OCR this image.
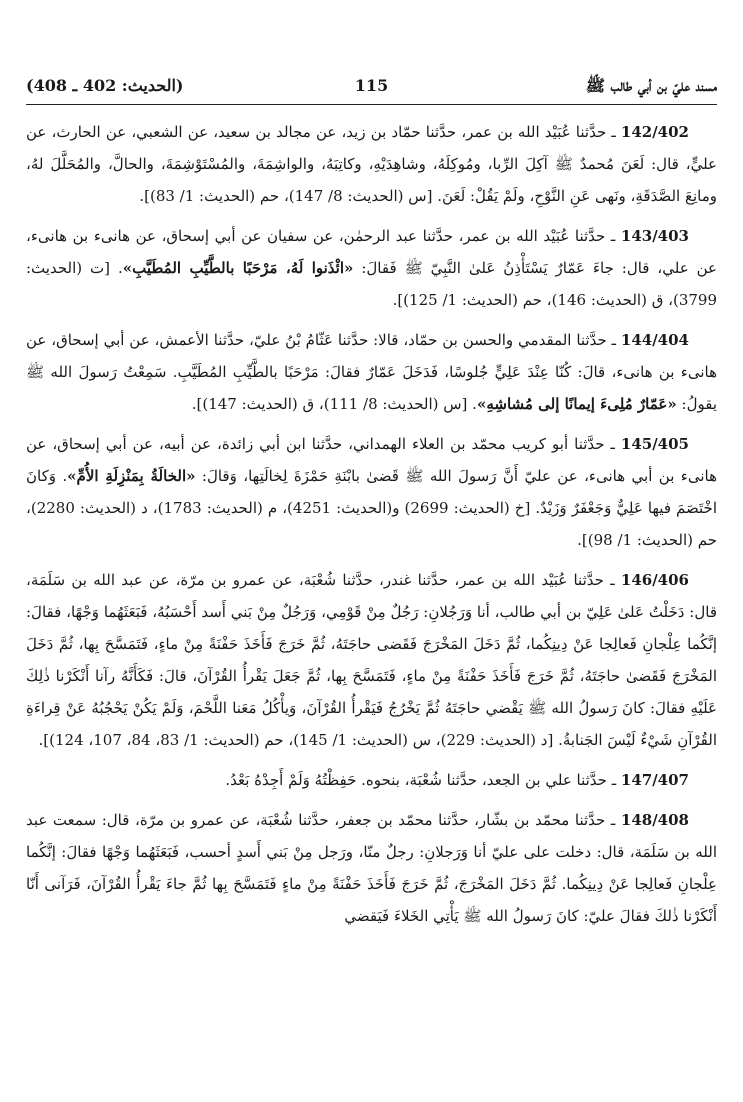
مسند عليّ بن أبي طالب ﷺ
115
(الحديث: 402 ـ 408)

142/402 ـ حدَّثنا عُبَيْد الله بن عمر، حدَّثنا حمّاد بن زيد، عن مجالد بن سعيد، عن الشعبي، عن الحارث، عن عليٍّ، قال: لَعَنَ مُحمدٌ ﷺ آكِلَ الرِّبا، ومُوكِلَهُ، وشاهِدَيْهِ، وكاتِبَهُ، والواشِمَةَ، والمُسْتَوْشِمَةَ، والحالَّ، والمُحَلَّلَ لهُ، ومانِعَ الصَّدَقَةِ، ونَهى عَنِ النَّوْحِ، ولَمْ يَقُلْ: لَعَنَ. [س (الحديث: 8/ 147)، حم (الحديث: 1/ 83)].

143/403 ـ حدَّثنا عُبَيْد الله بن عمر، حدَّثنا عبد الرحمٰن، عن سفيان عن أبي إسحاق، عن هانىء بن هانىء، عن علي، قال: جاءَ عَمّارٌ يَسْتَأْذِنُ عَلىٰ النَّبِيّ ﷺ فَقالَ: «ائْذَنوا لَهُ، مَرْحَبًا بالطَّيِّبِ المُطَيَّبِ». [ت (الحديث: 3799)، ق (الحديث: 146)، حم (الحديث: 1/ 125)].

144/404 ـ حدَّثنا المقدمي والحسن بن حمّاد، قالا: حدَّثنا عَثّامُ بْنُ عليّ، حدَّثنا الأعمش، عن أبي إسحاق، عن هانىء بن هانىء، قالَ: كُنّا عِنْدَ عَلِيٍّ جُلوسًا، فَدَخَلَ عَمّارٌ فقالَ: مَرْحَبًا بالطَّيِّبِ المُطَيَّبِ. سَمِعْتُ رَسولَ الله ﷺ يقولُ: «عَمّارٌ مُلِىءَ إيمانًا إلى مُشاشِهِ». [س (الحديث: 8/ 111)، ق (الحديث: 147)].

145/405 ـ حدَّثنا أبو كريب محمّد بن العلاء الهمداني، حدَّثنا ابن أبي زائدة، عن أبيه، عن أبي إسحاق، عن هانىء بن أبي هانىء، عن عليّ أَنَّ رَسولَ الله ﷺ قَضىٰ بابْنَةِ حَمْزَةَ لِخالَتِها، وَقالَ: «الخالَةُ بِمَنْزِلَةِ الأُمِّ». وَكانَ اخْتَصَمَ فيها عَلِيٌّ وَجَعْفَرٌ وَزَيْدٌ. [خ (الحديث: 2699) و(الحديث: 4251)، م (الحديث: 1783)، د (الحديث: 2280)، حم (الحديث: 1/ 98)].

146/406 ـ حدَّثنا عُبَيْد الله بن عمر، حدَّثنا غندر، حدَّثنا شُعْبَة، عن عمرو بن مرّة، عن عبد الله بن سَلَمَة، قال: دَخَلْتُ عَلىٰ عَلِيّ بن أبي طالب، أنا وَرَجُلانِ: رَجُلٌ مِنْ قَوْمِي، وَرَجُلٌ مِنْ بَني أَسد أَحْسَبُهُ، فَبَعَثَهُما وَجْهًا، فقالَ: إنَّكُما عِلْجانِ فَعالِجا عَنْ دِينِكُما، ثُمَّ دَخَلَ المَخْرَجَ فَقَضى حاجَتَهُ، ثُمَّ خَرَجَ فَأَخَذَ حَفْنَةً مِنْ ماءٍ، فَتَمَسَّحَ بِها، ثُمَّ دَخَلَ المَخْرَجَ فَقَضىٰ حاجَتَهُ، ثُمَّ خَرَجَ فَأَخَذَ حَفْنَةً مِنْ ماءٍ، فَتَمَسَّحَ بِها، ثُمَّ جَعَلَ يَقْرأُ القُرْآنَ، قالَ: فَكَأَنَّهُ رآنا أَنْكَرْنا ذٰلِكَ عَلَيْهِ فقالَ: كانَ رَسولُ الله ﷺ يَقْضي حاجَتَهُ ثُمَّ يَخْرُجُ فَيَقْرأُ القُرْآنَ، وَيأْكُلُ مَعَنا اللَّحْمَ، وَلَمْ يَكُنْ يَحْجُبُهُ عَنْ قِراءَةِ القُرْآنِ شَيْءٌ لَيْسَ الجَنابةُ. [د (الحديث: 229)، س (الحديث: 1/ 145)، حم (الحديث: 1/ 83، 84، 107، 124)].

147/407 ـ حدَّثنا علي بن الجعد، حدَّثنا شُعْبَة، بنحوه. حَفِظْتُهُ وَلَمْ أَجِدْهُ بَعْدُ.

148/408 ـ حدَّثنا محمّد بن بشّار، حدَّثنا محمّد بن جعفر، حدَّثنا شُعْبَة، عن عمرو بن مرّة، قال: سمعت عبد الله بن سَلَمَة، قال: دخلت على عليّ أنا وَرَجلانِ: رجلٌ منّا، ورَجل مِنْ بَني أَسدٍ أحسب، فَبَعَثَهُما وَجْهًا فقالَ: إنَّكُما عِلْجانِ فَعالِجا عَنْ دِينِكُما. ثُمَّ دَخَلَ المَخْرَجَ، ثُمَّ خَرَجَ فَأَخَذَ حَفْنَةً مِنْ ماءٍ فَتَمَسَّحَ بِها ثُمَّ جاءَ يَقْرأُ القُرْآنَ، فَرَآنى أَنّا أَنْكَرْنا ذٰلكَ فقالَ عليّ: كانَ رَسولُ الله ﷺ يَأْتِي الخَلاءَ فَيَقضي
